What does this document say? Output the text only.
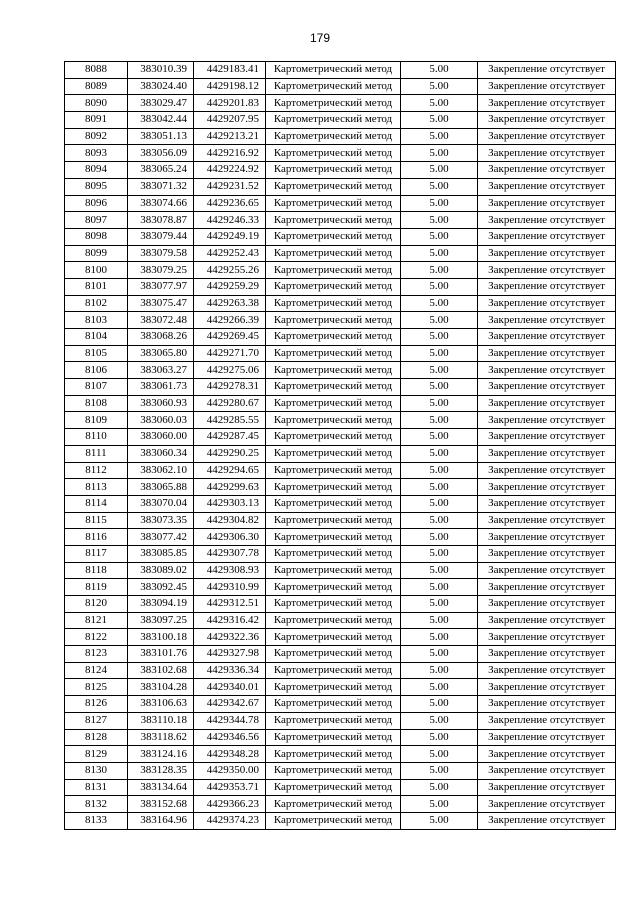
179
8088	383010.39	4429183.41	Картометрический метод	5.00	Закрепление отсутствует
8089	383024.40	4429198.12	Картометрический метод	5.00	Закрепление отсутствует
8090	383029.47	4429201.83	Картометрический метод	5.00	Закрепление отсутствует
8091	383042.44	4429207.95	Картометрический метод	5.00	Закрепление отсутствует
8092	383051.13	4429213.21	Картометрический метод	5.00	Закрепление отсутствует
8093	383056.09	4429216.92	Картометрический метод	5.00	Закрепление отсутствует
8094	383065.24	4429224.92	Картометрический метод	5.00	Закрепление отсутствует
8095	383071.32	4429231.52	Картометрический метод	5.00	Закрепление отсутствует
8096	383074.66	4429236.65	Картометрический метод	5.00	Закрепление отсутствует
8097	383078.87	4429246.33	Картометрический метод	5.00	Закрепление отсутствует
8098	383079.44	4429249.19	Картометрический метод	5.00	Закрепление отсутствует
8099	383079.58	4429252.43	Картометрический метод	5.00	Закрепление отсутствует
8100	383079.25	4429255.26	Картометрический метод	5.00	Закрепление отсутствует
8101	383077.97	4429259.29	Картометрический метод	5.00	Закрепление отсутствует
8102	383075.47	4429263.38	Картометрический метод	5.00	Закрепление отсутствует
8103	383072.48	4429266.39	Картометрический метод	5.00	Закрепление отсутствует
8104	383068.26	4429269.45	Картометрический метод	5.00	Закрепление отсутствует
8105	383065.80	4429271.70	Картометрический метод	5.00	Закрепление отсутствует
8106	383063.27	4429275.06	Картометрический метод	5.00	Закрепление отсутствует
8107	383061.73	4429278.31	Картометрический метод	5.00	Закрепление отсутствует
8108	383060.93	4429280.67	Картометрический метод	5.00	Закрепление отсутствует
8109	383060.03	4429285.55	Картометрический метод	5.00	Закрепление отсутствует
8110	383060.00	4429287.45	Картометрический метод	5.00	Закрепление отсутствует
8111	383060.34	4429290.25	Картометрический метод	5.00	Закрепление отсутствует
8112	383062.10	4429294.65	Картометрический метод	5.00	Закрепление отсутствует
8113	383065.88	4429299.63	Картометрический метод	5.00	Закрепление отсутствует
8114	383070.04	4429303.13	Картометрический метод	5.00	Закрепление отсутствует
8115	383073.35	4429304.82	Картометрический метод	5.00	Закрепление отсутствует
8116	383077.42	4429306.30	Картометрический метод	5.00	Закрепление отсутствует
8117	383085.85	4429307.78	Картометрический метод	5.00	Закрепление отсутствует
8118	383089.02	4429308.93	Картометрический метод	5.00	Закрепление отсутствует
8119	383092.45	4429310.99	Картометрический метод	5.00	Закрепление отсутствует
8120	383094.19	4429312.51	Картометрический метод	5.00	Закрепление отсутствует
8121	383097.25	4429316.42	Картометрический метод	5.00	Закрепление отсутствует
8122	383100.18	4429322.36	Картометрический метод	5.00	Закрепление отсутствует
8123	383101.76	4429327.98	Картометрический метод	5.00	Закрепление отсутствует
8124	383102.68	4429336.34	Картометрический метод	5.00	Закрепление отсутствует
8125	383104.28	4429340.01	Картометрический метод	5.00	Закрепление отсутствует
8126	383106.63	4429342.67	Картометрический метод	5.00	Закрепление отсутствует
8127	383110.18	4429344.78	Картометрический метод	5.00	Закрепление отсутствует
8128	383118.62	4429346.56	Картометрический метод	5.00	Закрепление отсутствует
8129	383124.16	4429348.28	Картометрический метод	5.00	Закрепление отсутствует
8130	383128.35	4429350.00	Картометрический метод	5.00	Закрепление отсутствует
8131	383134.64	4429353.71	Картометрический метод	5.00	Закрепление отсутствует
8132	383152.68	4429366.23	Картометрический метод	5.00	Закрепление отсутствует
8133	383164.96	4429374.23	Картометрический метод	5.00	Закрепление отсутствует
